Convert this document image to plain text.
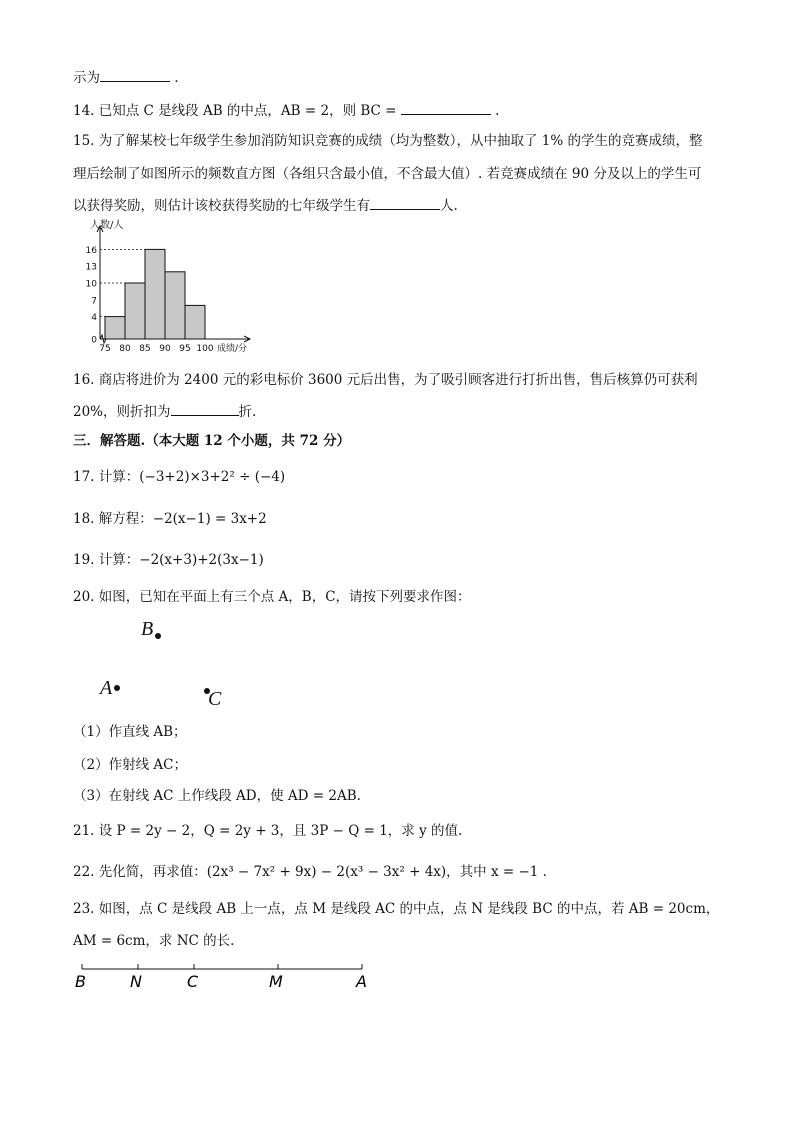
示为	.
14. 已知点 C 是线段 AB 的中点，AB = 2，则 BC =	.
15. 为了解某校七年级学生参加消防知识竞赛的成绩（均为整数），从中抽取了 1% 的学生的竞赛成绩，整
理后绘制了如图所示的频数直方图（各组只含最小值，不含最大值）. 若竞赛成绩在 90 分及以上的学生可
以获得奖励，则估计该校获得奖励的七年级学生有	人.
0
4
7
10
13
16
75 80 85 90 95 100
人数/人
成绩/分
16. 商店将进价为 2400 元的彩电标价 3600 元后出售，为了吸引顾客进行打折出售，售后核算仍可获利
20%，则折扣为	折.
三．解答题.（本大题 12 个小题，共 72 分）
17. 计算：(−3+2)×3+2² ÷ (−4)
18. 解方程：−2(x−1) = 3x+2
19. 计算：−2(x+3)+2(3x−1)
20. 如图，已知在平面上有三个点 A，B，C，请按下列要求作图：
B
A	C
（1）作直线 AB；
（2）作射线 AC；
（3）在射线 AC 上作线段 AD，使 AD = 2AB.
21. 设 P = 2y − 2，Q = 2y + 3，且 3P − Q = 1，求 y 的值.
22. 先化简，再求值：(2x³ − 7x² + 9x) − 2(x³ − 3x² + 4x)，其中 x = −1 .
23. 如图，点 C 是线段 AB 上一点，点 M 是线段 AC 的中点，点 N 是线段 BC 的中点，若 AB = 20cm，
AM = 6cm，求 NC 的长.
B	N	C	M	A
